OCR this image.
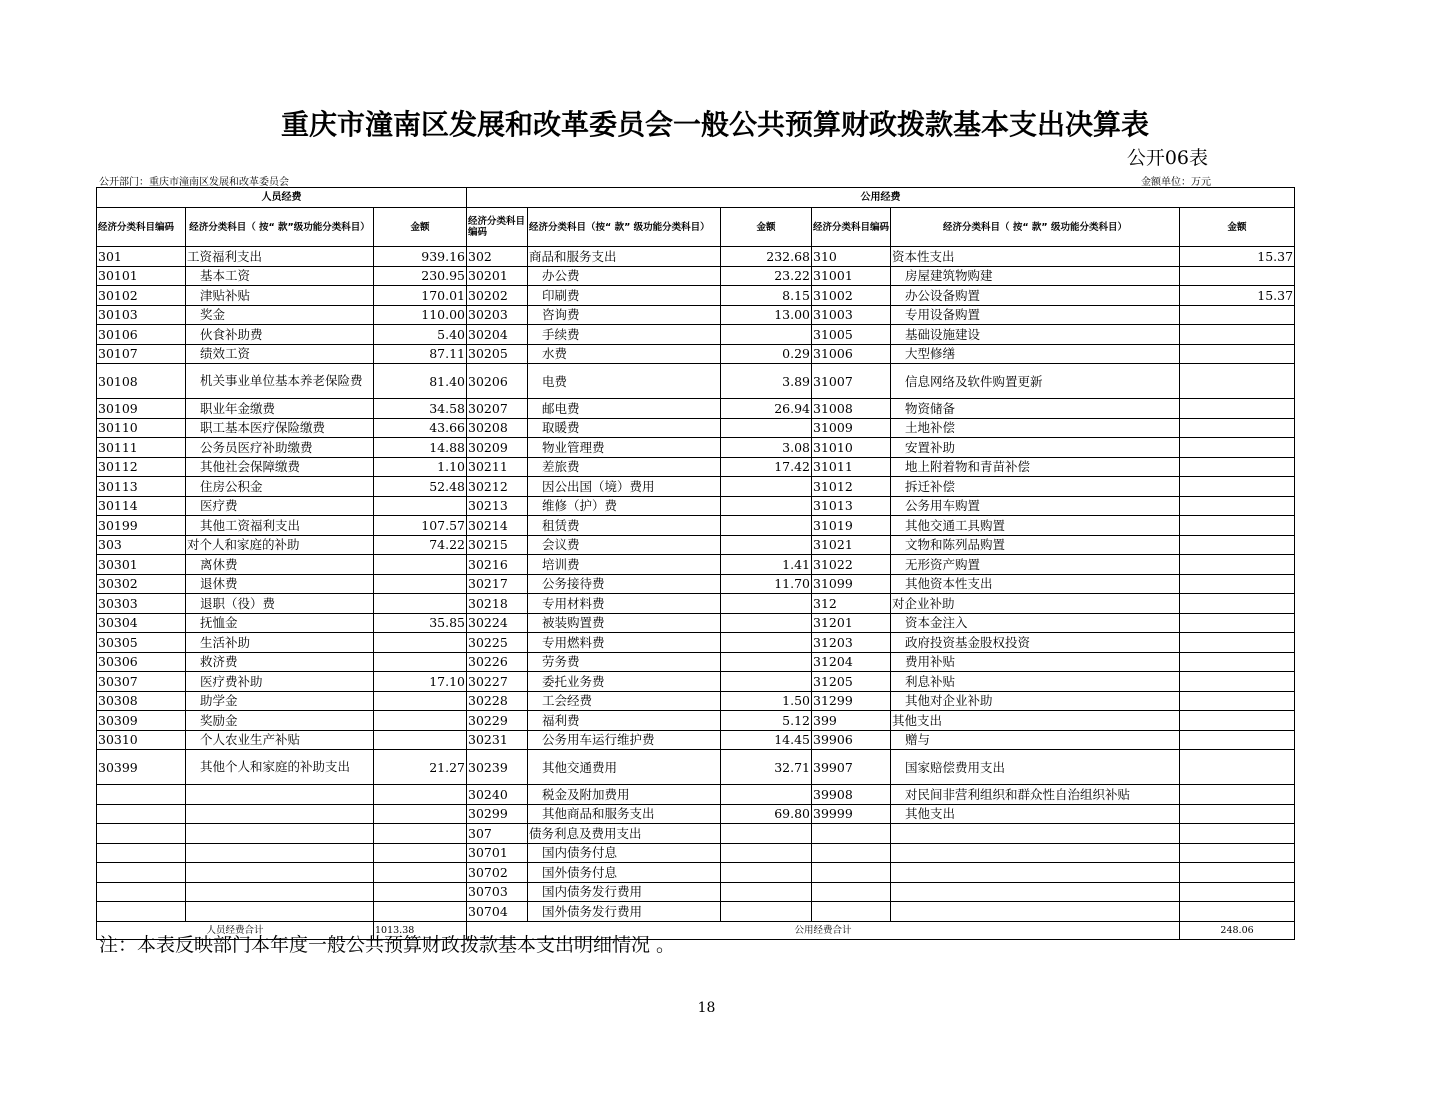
重庆市潼南区发展和改革委员会一般公共预算财政拨款基本支出决算表
公开06表
公开部门：重庆市潼南区发展和改革委员会	金额单位：万元
人员经费			公用经费					
经济分类科目编码	经济分类科目（ 按“ 款”级功能分类科目）	金额	经济分类科目编码	经济分类科目（按“ 款” 级功能分类科目）	金额	经济分类科目编码	经济分类科目（ 按“ 款” 级功能分类科目）	金额
301	工资福利支出	939.16	302	商品和服务支出	232.68	310	资本性支出	15.37
30101	基本工资	230.95	30201	办公费	23.22	31001	房屋建筑物购建	
30102	津贴补贴	170.01	30202	印刷费	8.15	31002	办公设备购置	15.37
30103	奖金	110.00	30203	咨询费	13.00	31003	专用设备购置	
30106	伙食补助费	5.40	30204	手续费		31005	基础设施建设	
30107	绩效工资	87.11	30205	水费	0.29	31006	大型修缮	
30108	机关事业单位基本养老保险费	81.40	30206	电费	3.89	31007	信息网络及软件购置更新	
30109	职业年金缴费	34.58	30207	邮电费	26.94	31008	物资储备	
30110	职工基本医疗保险缴费	43.66	30208	取暖费		31009	土地补偿	
30111	公务员医疗补助缴费	14.88	30209	物业管理费	3.08	31010	安置补助	
30112	其他社会保障缴费	1.10	30211	差旅费	17.42	31011	地上附着物和青苗补偿	
30113	住房公积金	52.48	30212	因公出国（境）费用		31012	拆迁补偿	
30114	医疗费		30213	维修（护）费		31013	公务用车购置	
30199	其他工资福利支出	107.57	30214	租赁费		31019	其他交通工具购置	
303	对个人和家庭的补助	74.22	30215	会议费		31021	文物和陈列品购置	
30301	离休费		30216	培训费	1.41	31022	无形资产购置	
30302	退休费		30217	公务接待费	11.70	31099	其他资本性支出	
30303	退职（役）费		30218	专用材料费		312	对企业补助	
30304	抚恤金	35.85	30224	被装购置费		31201	资本金注入	
30305	生活补助		30225	专用燃料费		31203	政府投资基金股权投资	
30306	救济费		30226	劳务费		31204	费用补贴	
30307	医疗费补助	17.10	30227	委托业务费		31205	利息补贴	
30308	助学金		30228	工会经费	1.50	31299	其他对企业补助	
30309	奖励金		30229	福利费	5.12	399	其他支出	
30310	个人农业生产补贴		30231	公务用车运行维护费	14.45	39906	赠与	
30399	其他个人和家庭的补助支出	21.27	30239	其他交通费用	32.71	39907	国家赔偿费用支出	
			30240	税金及附加费用		39908	对民间非营利组织和群众性自治组织补贴	
			30299	其他商品和服务支出	69.80	39999	其他支出	
			307	债务利息及费用支出				
			30701	国内债务付息				
			30702	国外债务付息				
			30703	国内债务发行费用				
			30704	国外债务发行费用				
人员经费合计		1013.38	公用经费合计					248.06
注：本表反映部门本年度一般公共预算财政拨款基本支出明细情况 。
18
